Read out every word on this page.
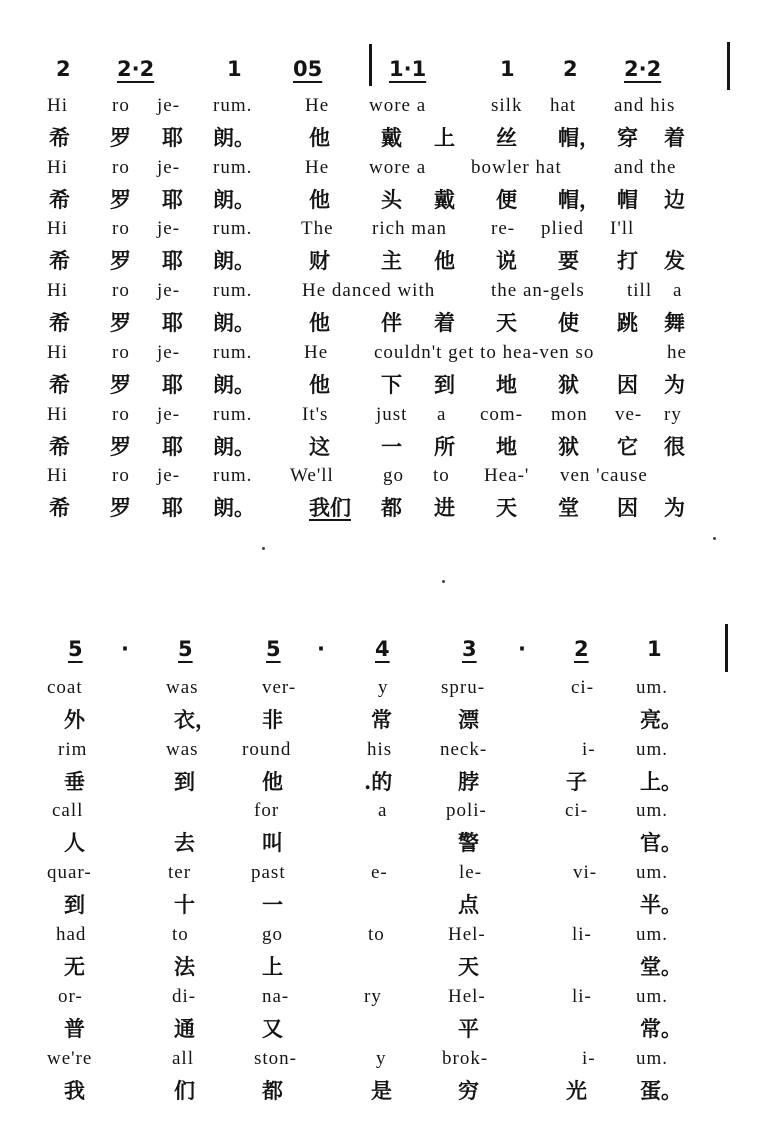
2 2·2	1 05	1·1	1 2 2·2
Hi ro je- rum.	He wore a	silk hat and his
希 罗 耶 朗。	他 戴 上 丝 帽， 穿 着
Hi ro je- rum.	He wore a bowler hat	and the
希 罗 耶 朗。	他 头 戴 便 帽， 帽 边
Hi ro je- rum.	The rich man re- plied I'll
希 罗 耶 朗。	财 主 他 说 要 打 发
Hi ro je- rum.	He danced with	the an-gels till a
希 罗 耶 朗。	他 伴 着 天 使 跳 舞
Hi ro je- rum.	He couldn't get to hea-ven so	he
希 罗 耶 朗。	他 下 到 地 狱 因 为
Hi ro je- rum.	It's	just a com- mon ve- ry
希 罗 耶 朗。	这 一 所 地 狱 它 很
Hi ro je- rum. We'll	go to Hea-' ven 'cause
希 罗 耶 朗。	我们 都 进 天 堂 因 为
5 · 5	5 · 4	3 · 2	1
coat	was	ver-	y	spru-	ci- um.
外	衣， 非	常	漂	亮。
rim	was round	his	neck-	i- um.
垂	到	他	.的	脖	子	上。
call	for	a	poli-	ci-	um.
人	去	叫	警	官。
quar-	ter	past	e-	le-	vi- um.
到	十	一	点	半。
had	to	go	to	Hel-	li- um.
无	法	上	天	堂。
or-	di-	na-	ry	Hel-	li- um.
普	通	又	平	常。
we're	all	ston-	y	brok-	i- um.
我	们	都	是	穷	光	蛋。
